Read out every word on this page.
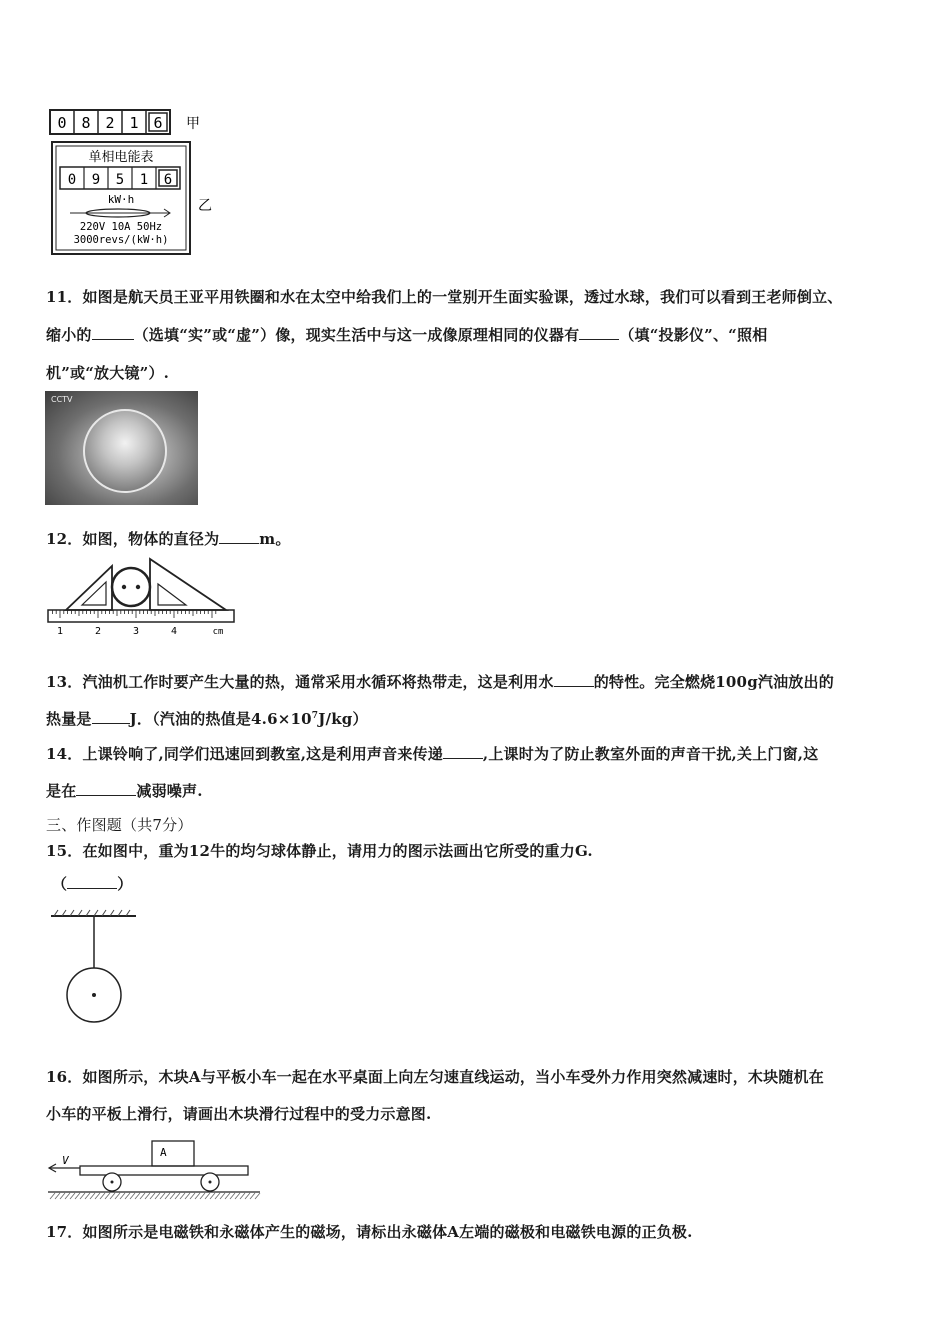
0 8 2 1 6 甲
单相电能表
0 9 5 1 6
kW·h
220V 10A 50Hz
3000revs/(kW·h)
乙
11．如图是航天员王亚平用铁圈和水在太空中给我们上的一堂别开生面实验课，透过水球，我们可以看到王老师倒立、
缩小的	（选填“实”或“虚”）像，现实生活中与这一成像原理相同的仪器有	（填“投影仪”、“照相
机”或“放大镜”）.
CCTV
12．如图，物体的直径为	m。
1	2	3	4	cm
13．汽油机工作时要产生大量的热，通常采用水循环将热带走，这是利用水	的特性。完全燃烧100g汽油放出的
热量是	J．（汽油的热值是$4.6\times 10^7J/kg$）
14．上课铃响了,同学们迅速回到教室,这是利用声音来传递	,上课时为了防止教室外面的声音干扰,关上门窗,这
是在	减弱噪声.
三、作图题（共7分）
15．在如图中，重为12牛的均匀球体静止，请用力的图示法画出它所受的重力G.
（	）
16．如图所示，木块A与平板小车一起在水平桌面上向左匀速直线运动，当小车受外力作用突然减速时，木块随机在
小车的平板上滑行，请画出木块滑行过程中的受力示意图.
V
A
17．如图所示是电磁铁和永磁体产生的磁场，请标出永磁体A左端的磁极和电磁铁电源的正负极.
